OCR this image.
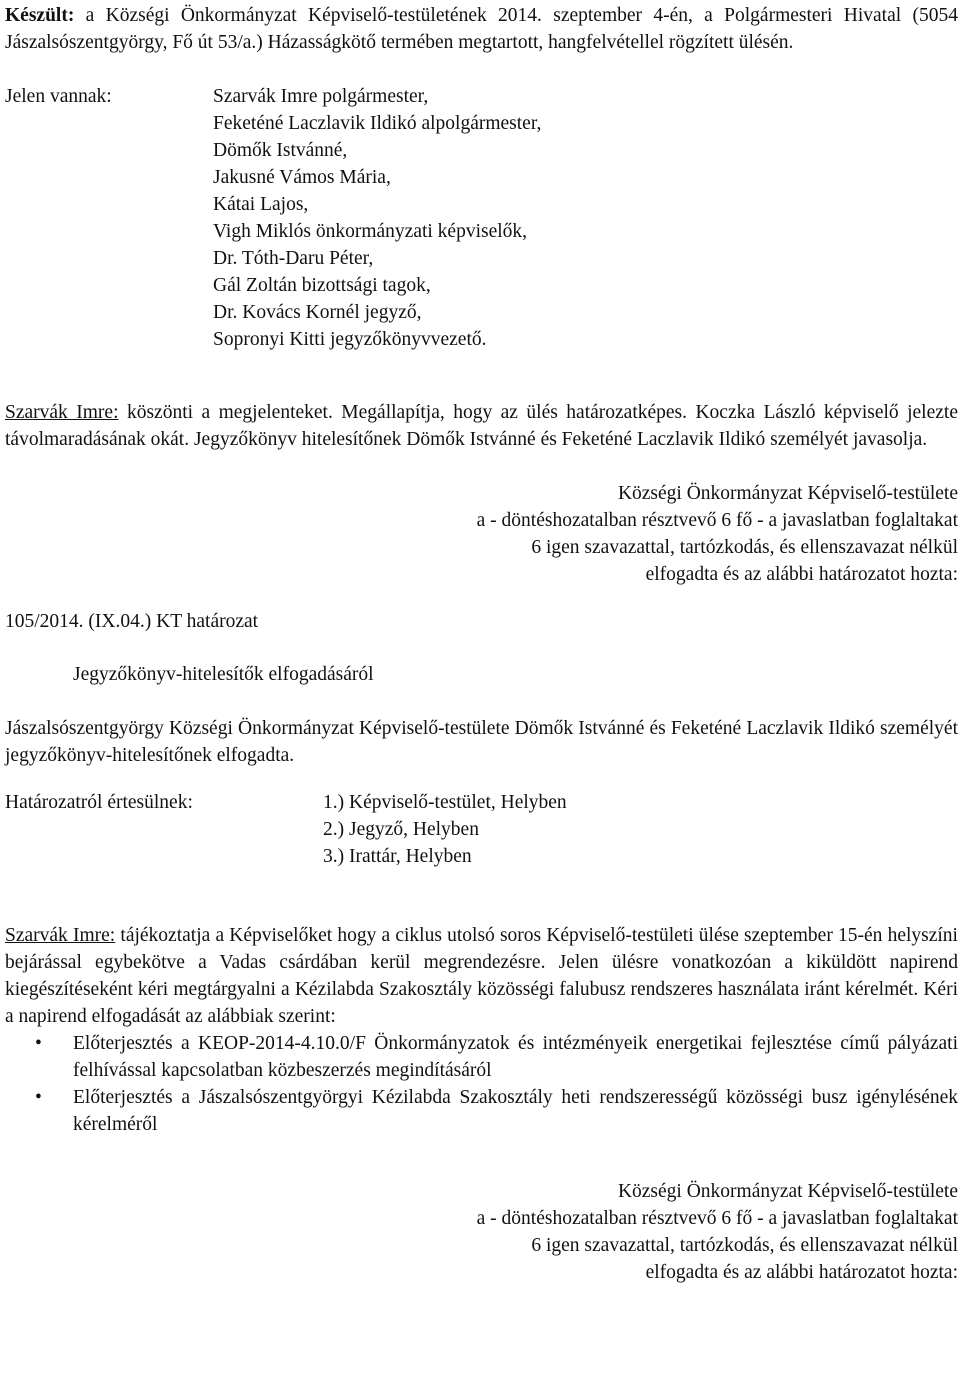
Készült: a Községi Önkormányzat Képviselő-testületének 2014. szeptember 4-én, a Polgármesteri Hivatal (5054 Jászalsószentgyörgy, Fő út 53/a.) Házasságkötő termében megtartott, hangfelvétellel rögzített ülésén.

Jelen vannak:	Szarvák Imre polgármester,
Feketéné Laczlavik Ildikó alpolgármester,
Dömők Istvánné,
Jakusné Vámos Mária,
Kátai Lajos,
Vigh Miklós önkormányzati képviselők,
Dr. Tóth-Daru Péter,
Gál Zoltán bizottsági tagok,
Dr. Kovács Kornél jegyző,
Sopronyi Kitti jegyzőkönyvvezető.

Szarvák Imre: köszönti a megjelenteket. Megállapítja, hogy az ülés határozatképes. Koczka László képviselő jelezte távolmaradásának okát. Jegyzőkönyv hitelesítőnek Dömők Istvánné és Feketéné Laczlavik Ildikó személyét javasolja.

Községi Önkormányzat Képviselő-testülete
a - döntéshozatalban résztvevő 6 fő - a javaslatban foglaltakat
6 igen szavazattal, tartózkodás, és ellenszavazat nélkül
elfogadta és az alábbi határozatot hozta:
105/2014. (IX.04.) KT határozat
Jegyzőkönyv-hitelesítők elfogadásáról

Jászalsószentgyörgy Községi Önkormányzat Képviselő-testülete Dömők Istvánné és Feketéné Laczlavik Ildikó személyét jegyzőkönyv-hitelesítőnek elfogadta.

Határozatról értesülnek:	1.) Képviselő-testület, Helyben
2.) Jegyző, Helyben
3.) Irattár, Helyben

Szarvák Imre: tájékoztatja a Képviselőket hogy a ciklus utolsó soros Képviselő-testületi ülése szeptember 15-én helyszíni bejárással egybekötve a Vadas csárdában kerül megrendezésre. Jelen ülésre vonatkozóan a kiküldött napirend kiegészítéseként kéri megtárgyalni a Kézilabda Szakosztály közösségi falubusz rendszeres használata iránt kérelmét. Kéri a napirend elfogadását az alábbiak szerint:

• Előterjesztés a KEOP-2014-4.10.0/F Önkormányzatok és intézményeik energetikai fejlesztése című pályázati felhívással kapcsolatban közbeszerzés megindításáról
• Előterjesztés a Jászalsószentgyörgyi Kézilabda Szakosztály heti rendszerességű közösségi busz igénylésének kérelméről
Községi Önkormányzat Képviselő-testülete
a - döntéshozatalban résztvevő 6 fő - a javaslatban foglaltakat
6 igen szavazattal, tartózkodás, és ellenszavazat nélkül
elfogadta és az alábbi határozatot hozta:
